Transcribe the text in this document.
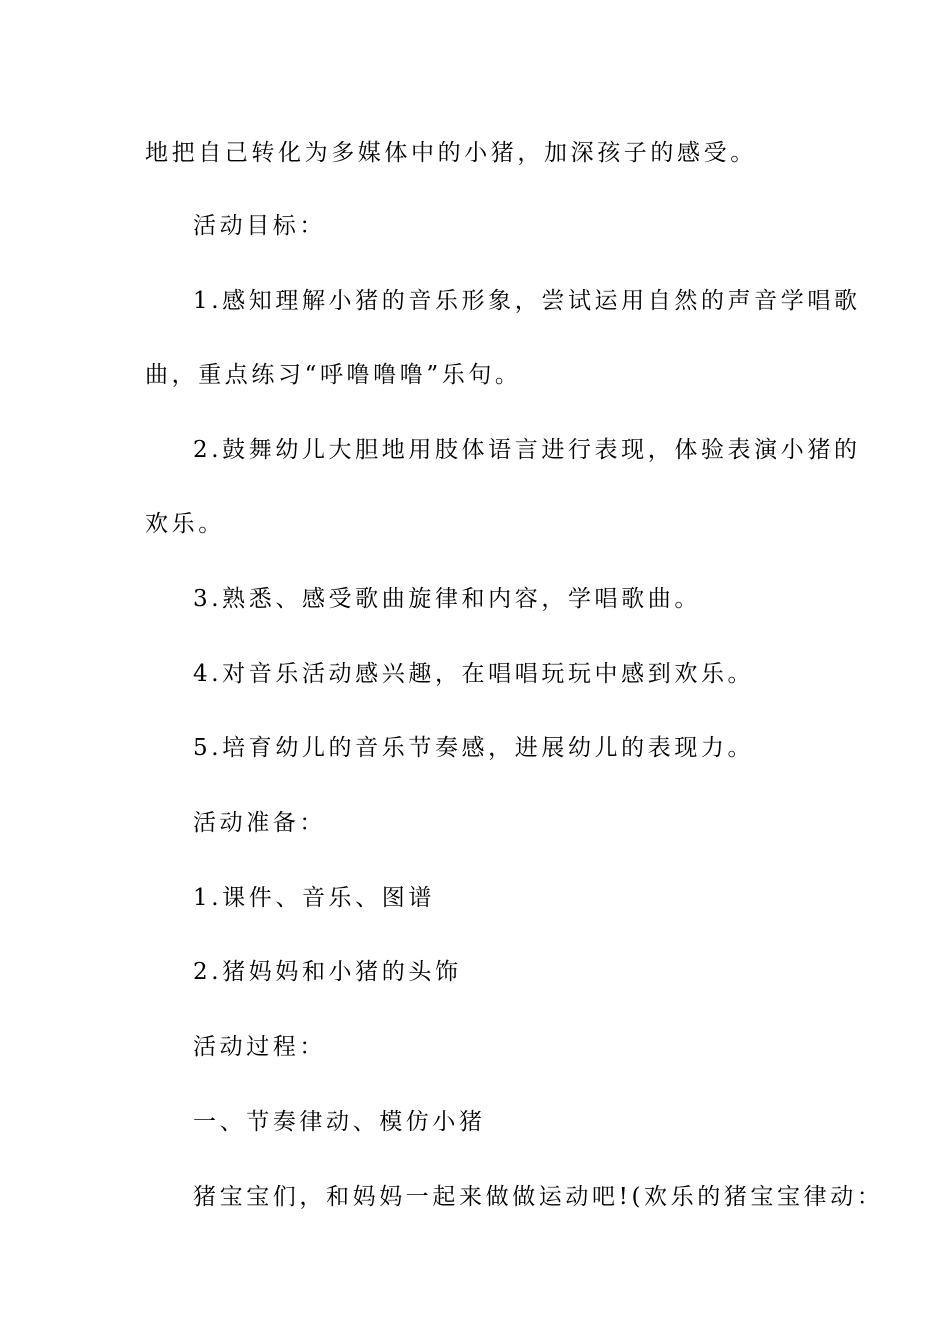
地把自己转化为多媒体中的小猪，加深孩子的感受。
活动目标：
1.感知理解小猪的音乐形象，尝试运用自然的声音学唱歌
曲，重点练习“呼噜噜噜”乐句。
2.鼓舞幼儿大胆地用肢体语言进行表现，体验表演小猪的
欢乐。
3.熟悉、感受歌曲旋律和内容，学唱歌曲。
4.对音乐活动感兴趣，在唱唱玩玩中感到欢乐。
5.培育幼儿的音乐节奏感，进展幼儿的表现力。
活动准备：
1.课件、音乐、图谱
2.猪妈妈和小猪的头饰
活动过程：
一、节奏律动、模仿小猪
猪宝宝们，和妈妈一起来做做运动吧!(欢乐的猪宝宝律动：
